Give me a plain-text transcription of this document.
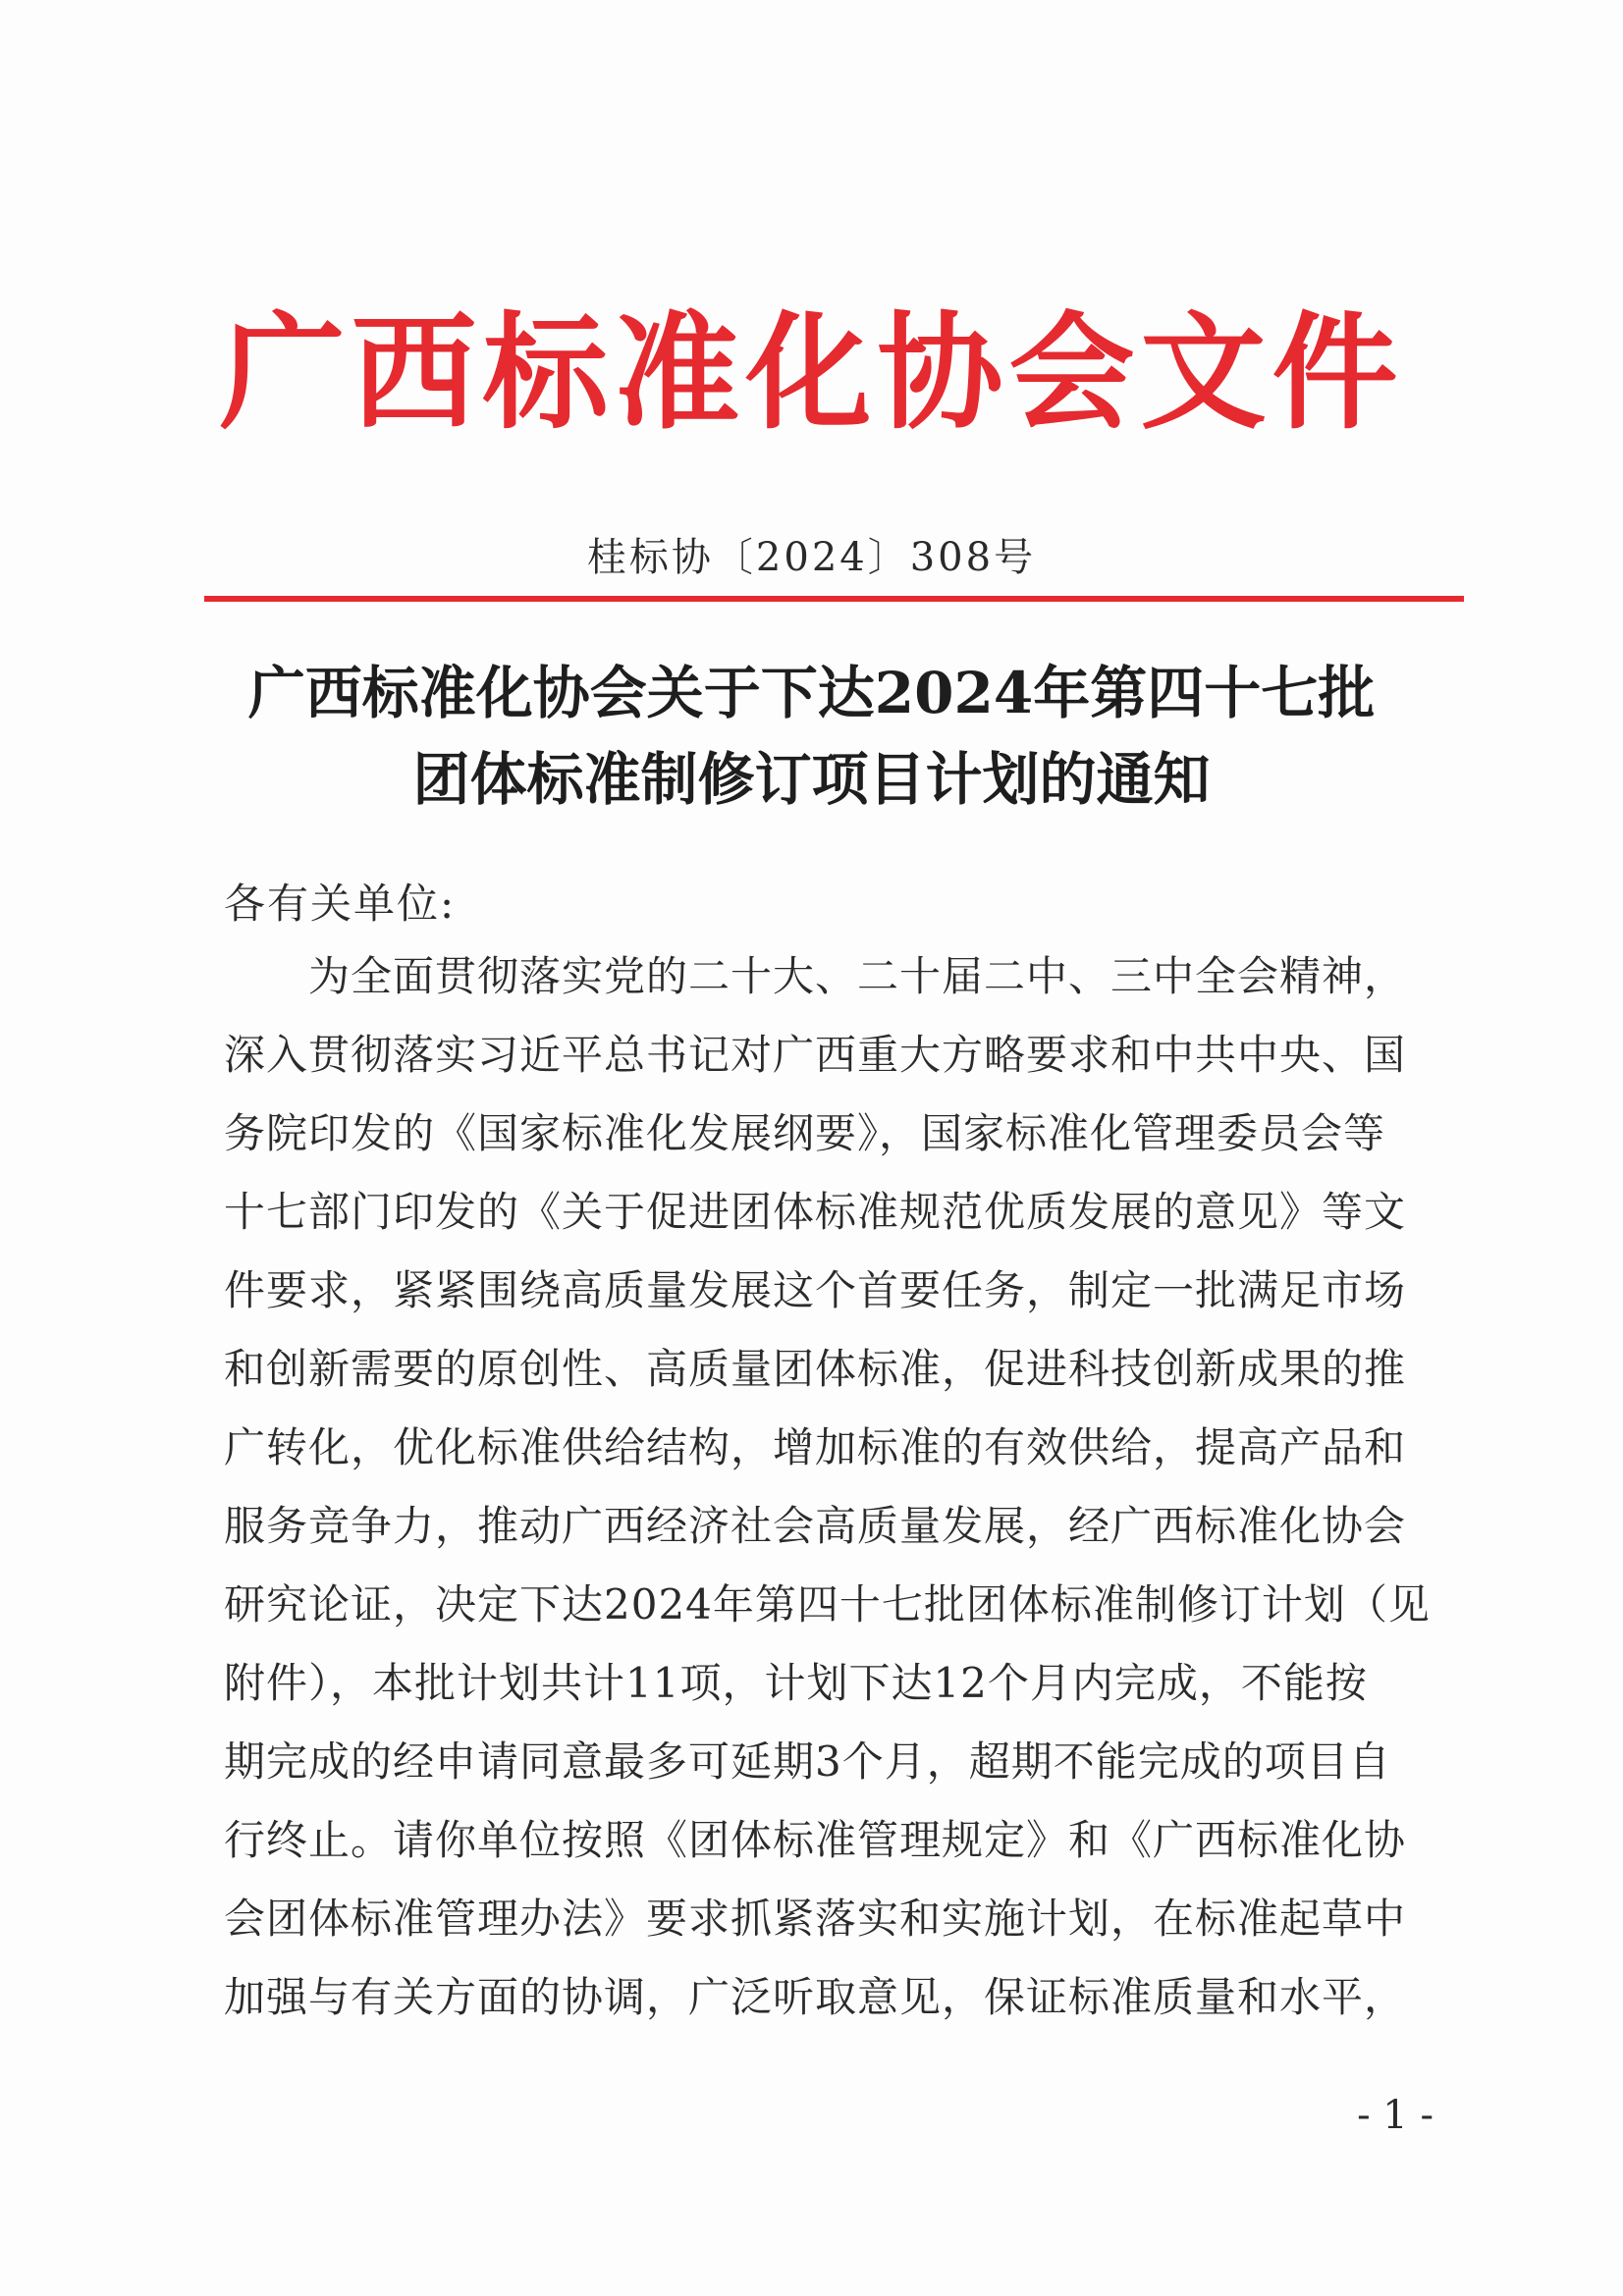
广西标准化协会文件
桂标协〔2024〕308号
广西标准化协会关于下达2024年第四十七批
团体标准制修订项目计划的通知
各有关单位:
　　为全面贯彻落实党的二十大、二十届二中、三中全会精神，
深入贯彻落实习近平总书记对广西重大方略要求和中共中央、国
务院印发的《国家标准化发展纲要》，国家标准化管理委员会等
十七部门印发的《关于促进团体标准规范优质发展的意见》等文
件要求，紧紧围绕高质量发展这个首要任务，制定一批满足市场
和创新需要的原创性、高质量团体标准，促进科技创新成果的推
广转化，优化标准供给结构，增加标准的有效供给，提高产品和
服务竞争力，推动广西经济社会高质量发展，经广西标准化协会
研究论证，决定下达2024年第四十七批团体标准制修订计划（见
附件），本批计划共计11项，计划下达12个月内完成，不能按
期完成的经申请同意最多可延期3个月，超期不能完成的项目自
行终止。请你单位按照《团体标准管理规定》和《广西标准化协
会团体标准管理办法》要求抓紧落实和实施计划，在标准起草中
加强与有关方面的协调，广泛听取意见，保证标准质量和水平，
- 1 -
